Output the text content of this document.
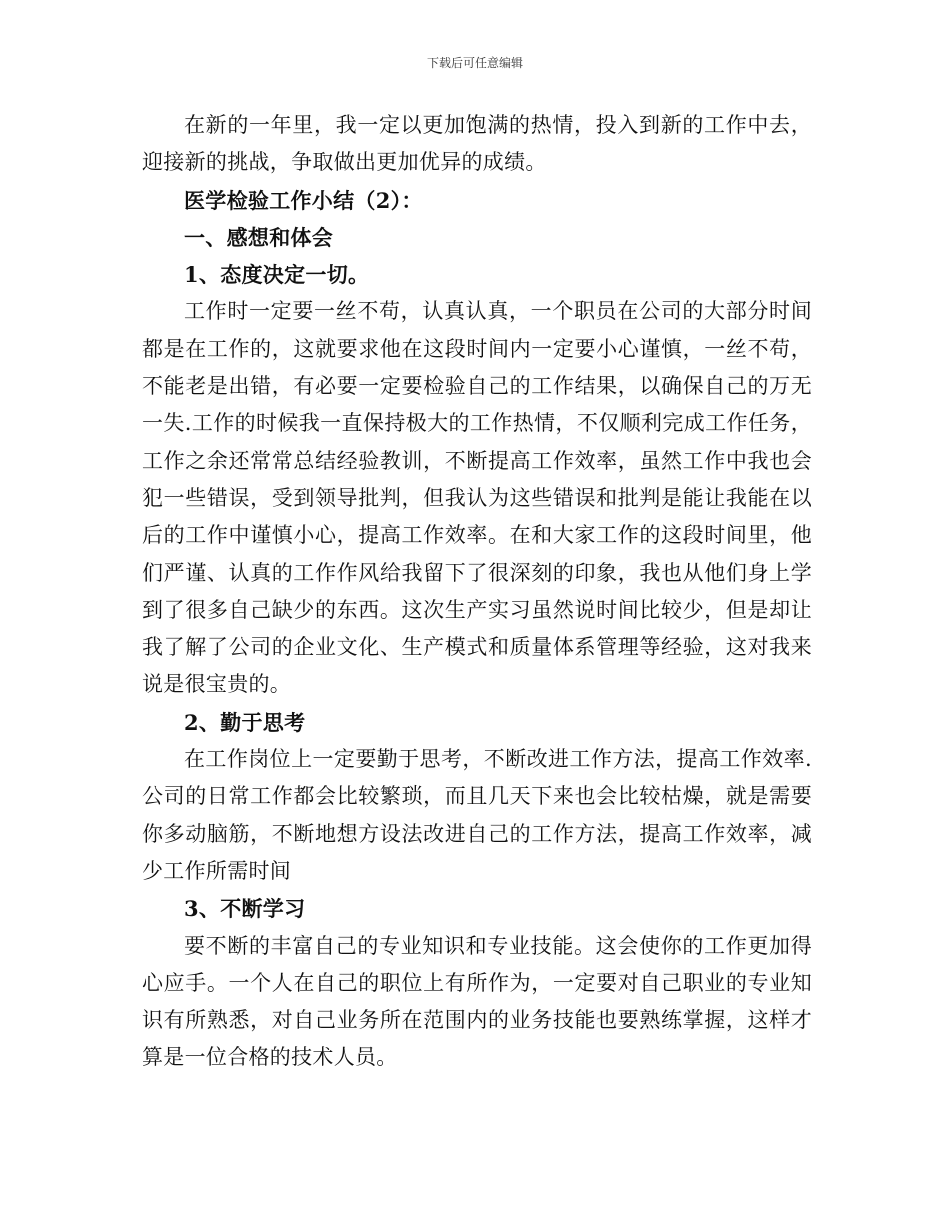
下载后可任意编辑

在新的一年里，我一定以更加饱满的热情，投入到新的工作中去，迎接新的挑战，争取做出更加优异的成绩。

医学检验工作小结（2）：

一、感想和体会

1、态度决定一切。

工作时一定要一丝不苟，认真认真，一个职员在公司的大部分时间都是在工作的，这就要求他在这段时间内一定要小心谨慎，一丝不苟，不能老是出错，有必要一定要检验自己的工作结果，以确保自己的万无一失.工作的时候我一直保持极大的工作热情，不仅顺利完成工作任务，工作之余还常常总结经验教训，不断提高工作效率，虽然工作中我也会犯一些错误，受到领导批判，但我认为这些错误和批判是能让我能在以后的工作中谨慎小心，提高工作效率。在和大家工作的这段时间里，他们严谨、认真的工作作风给我留下了很深刻的印象，我也从他们身上学到了很多自己缺少的东西。这次生产实习虽然说时间比较少，但是却让我了解了公司的企业文化、生产模式和质量体系管理等经验，这对我来说是很宝贵的。

2、勤于思考

在工作岗位上一定要勤于思考，不断改进工作方法，提高工作效率.公司的日常工作都会比较繁琐，而且几天下来也会比较枯燥，就是需要你多动脑筋，不断地想方设法改进自己的工作方法，提高工作效率，减少工作所需时间

3、不断学习

要不断的丰富自己的专业知识和专业技能。这会使你的工作更加得心应手。一个人在自己的职位上有所作为，一定要对自己职业的专业知识有所熟悉，对自己业务所在范围内的业务技能也要熟练掌握，这样才算是一位合格的技术人员。
